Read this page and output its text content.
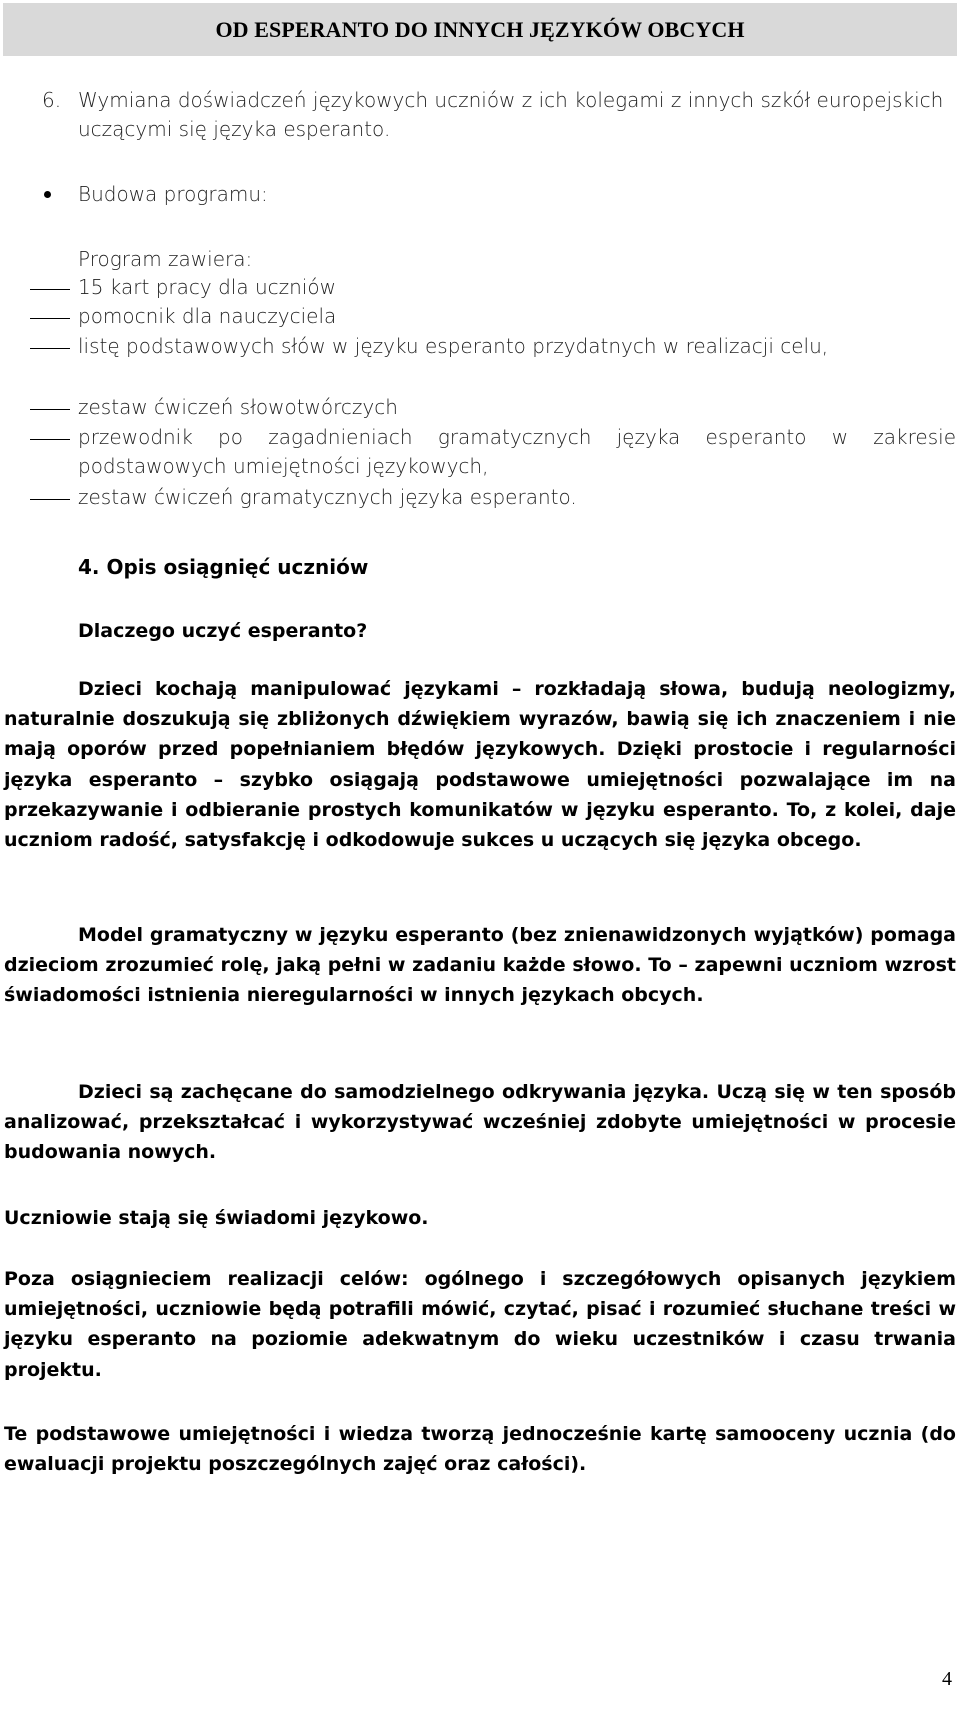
OD ESPERANTO DO INNYCH JĘZYKÓW OBCYCH
6. Wymiana doświadczeń językowych uczniów z ich kolegami z innych szkół europejskich uczącymi się języka esperanto.
Budowa programu:
Program zawiera:
15 kart pracy dla uczniów
pomocnik dla nauczyciela
listę podstawowych słów w języku esperanto przydatnych w realizacji celu,
zestaw ćwiczeń słowotwórczych
przewodnik po zagadnieniach gramatycznych języka esperanto w zakresie podstawowych umiejętności językowych,
zestaw ćwiczeń gramatycznych języka esperanto.
4. Opis osiągnięć uczniów
Dlaczego uczyć esperanto?
Dzieci kochają manipulować językami – rozkładają słowa, budują neologizmy, naturalnie doszukują się zbliżonych dźwiękiem wyrazów, bawią się ich znaczeniem i nie mają oporów przed popełnianiem błędów językowych. Dzięki prostocie i regularności języka esperanto – szybko osiągają podstawowe umiejętności pozwalające im na przekazywanie i odbieranie prostych komunikatów w języku esperanto. To, z kolei, daje uczniom radość, satysfakcję i odkodowuje sukces u uczących się języka obcego.
Model gramatyczny w języku esperanto (bez znienawidzonych wyjątków) pomaga dzieciom zrozumieć rolę, jaką pełni w zadaniu każde słowo. To – zapewni uczniom wzrost świadomości istnienia nieregularności w innych językach obcych.
Dzieci są zachęcane do samodzielnego odkrywania języka. Uczą się w ten sposób analizować, przekształcać i wykorzystywać wcześniej zdobyte umiejętności w procesie budowania nowych.
Uczniowie stają się świadomi językowo.
Poza osiągnieciem realizacji celów: ogólnego i szczegółowych opisanych językiem umiejętności, uczniowie będą potrafili mówić, czytać, pisać i rozumieć słuchane treści w języku esperanto na poziomie adekwatnym do wieku uczestników i czasu trwania projektu.
Te podstawowe umiejętności i wiedza tworzą jednocześnie kartę samooceny ucznia (do ewaluacji projektu poszczególnych zajęć oraz całości).
4
